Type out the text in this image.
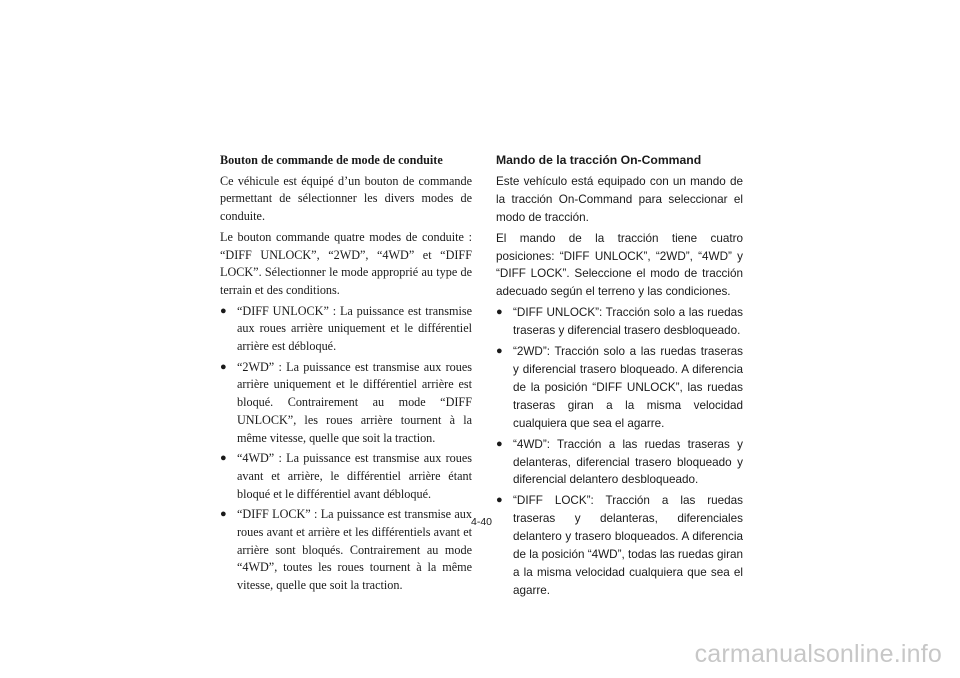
Bouton de commande de mode de conduite

Ce véhicule est équipé d’un bouton de commande permettant de sélectionner les divers modes de conduite.

Le bouton commande quatre modes de conduite : “DIFF UNLOCK”, “2WD”, “4WD” et “DIFF LOCK”. Sélectionner le mode approprié au type de terrain et des conditions.

● “DIFF UNLOCK” : La puissance est transmise aux roues arrière uniquement et le différentiel arrière est débloqué.
● “2WD” : La puissance est transmise aux roues arrière uniquement et le différentiel arrière est bloqué. Contrairement au mode “DIFF UNLOCK”, les roues arrière tournent à la même vitesse, quelle que soit la traction.
● “4WD” : La puissance est transmise aux roues avant et arrière, le différentiel arrière étant bloqué et le différentiel avant débloqué.
● “DIFF LOCK” : La puissance est transmise aux roues avant et arrière et les différentiels avant et arrière sont bloqués. Contrairement au mode “4WD”, toutes les roues tournent à la même vitesse, quelle que soit la traction.
Mando de la tracción On-Command

Este vehículo está equipado con un mando de la tracción On-Command para seleccionar el modo de tracción.

El mando de la tracción tiene cuatro posiciones: “DIFF UNLOCK”, “2WD”, “4WD” y “DIFF LOCK”. Seleccione el modo de tracción adecuado según el terreno y las condiciones.

● “DIFF UNLOCK”: Tracción solo a las ruedas traseras y diferencial trasero desbloqueado.
● “2WD”: Tracción solo a las ruedas traseras y diferencial trasero bloqueado. A diferencia de la posición “DIFF UNLOCK”, las ruedas traseras giran a la misma velocidad cualquiera que sea el agarre.
● “4WD”: Tracción a las ruedas traseras y delanteras, diferencial trasero bloqueado y diferencial delantero desbloqueado.
● “DIFF LOCK”: Tracción a las ruedas traseras y delanteras, diferenciales delantero y trasero bloqueados. A diferencia de la posición “4WD”, todas las ruedas giran a la misma velocidad cualquiera que sea el agarre.
4-40
carmanualsonline.info
